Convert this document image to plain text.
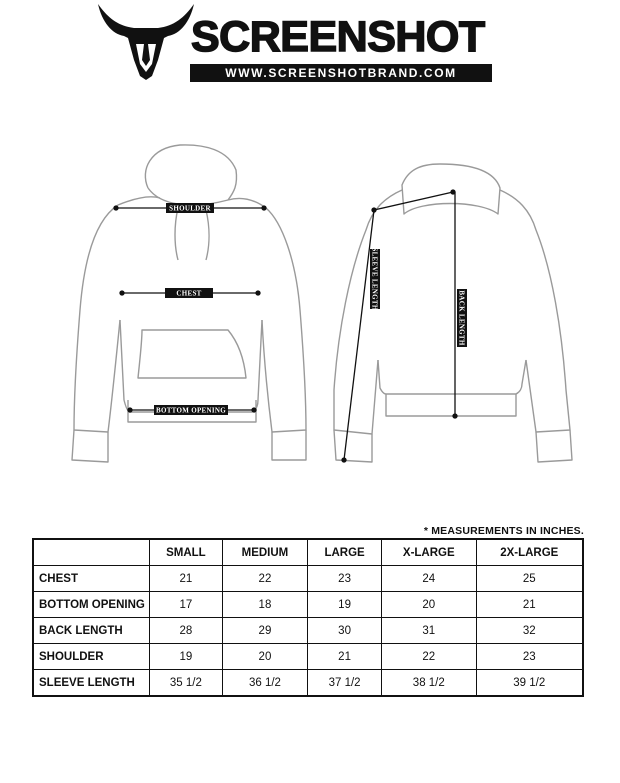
SCREENSHOT
WWW.SCREENSHOTBRAND.COM
SHOULDER
CHEST
BOTTOM OPENING
SLEEVE LENGTH
BACK LENGTH
* MEASUREMENTS IN INCHES.
	SMALL	MEDIUM	LARGE	X-LARGE	2X-LARGE
CHEST	21	22	23	24	25
BOTTOM OPENING	17	18	19	20	21
BACK LENGTH	28	29	30	31	32
SHOULDER	19	20	21	22	23
SLEEVE LENGTH	35 1/2	36 1/2	37 1/2	38 1/2	39 1/2
